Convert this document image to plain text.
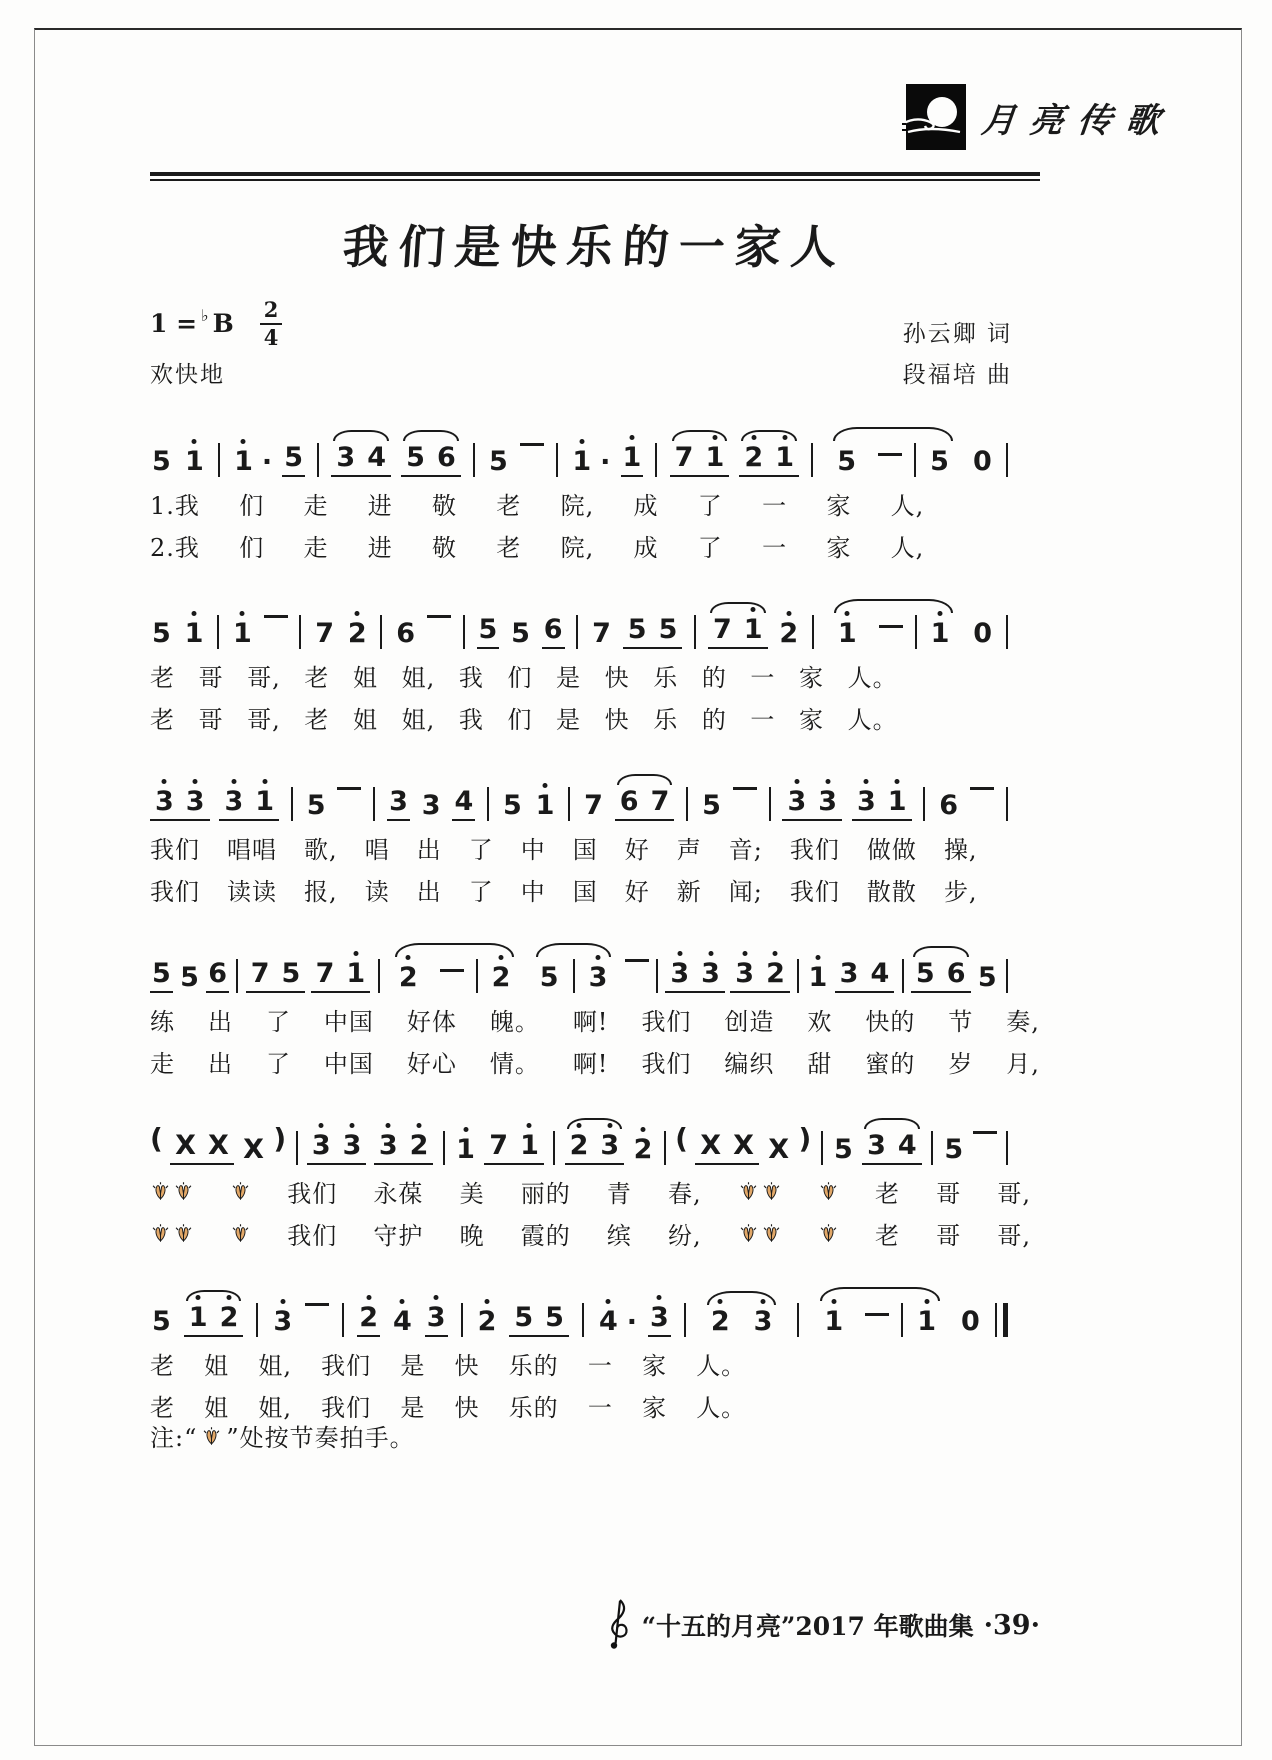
月亮传歌
我们是快乐的一家人
1 = ♭ B $\frac{2}{4}$	孙云卿 词
欢快地	段福培 曲
5 1 1 · 5 3 4 5 6 5 1 · 1 7 1 2 1 5	5 0
1.我 们 走 进 敬 老 院, 成 了 一 家 人,
2.我 们 走 进 敬 老 院, 成 了 一 家 人,
5 1 1 7 2 6 5 5 6 7 5 5 7 1 2 1	1 0
老 哥 哥, 老 姐 姐, 我 们 是 快 乐 的 一 家 人。
老 哥 哥, 老 姐 姐, 我 们 是 快 乐 的 一 家 人。
3 3 3 1 5 3 3 4 5 1 7 6 7 5 3 3 3 1 6
我们 唱唱 歌, 唱 出 了 中 国 好 声 音; 我们 做做 操,
我们 读读 报, 读 出 了 中 国 好 新 闻; 我们 散散 步,
5 5 6 7 5 7 1 2	2 5 3 3 3 3 2 1 3 4 5 6 5
练 出 了 中国 好体 魄。 啊! 我们 创造 欢 快的 节 奏,
走 出 了 中国 好心 情。 啊! 我们 编织 甜 蜜的 岁 月,
( X X X ) 3 3 3 2 1 7 1 2 3 2 ( X X X ) 5 3 4 5
我们 永葆 美 丽的 青 春,	老 哥 哥,
我们 守护 晚 霞的 缤 纷,	老 哥 哥,
5 1 2 3 2 4 3 2 5 5 4 · 3 2 3 1	1 0
老 姐 姐, 我们 是 快 乐的 一 家 人。
老 姐 姐, 我们 是 快 乐的 一 家 人。
注:“ ”处按节奏拍手。
“十五的月亮”2017 年歌曲集 ·39·
